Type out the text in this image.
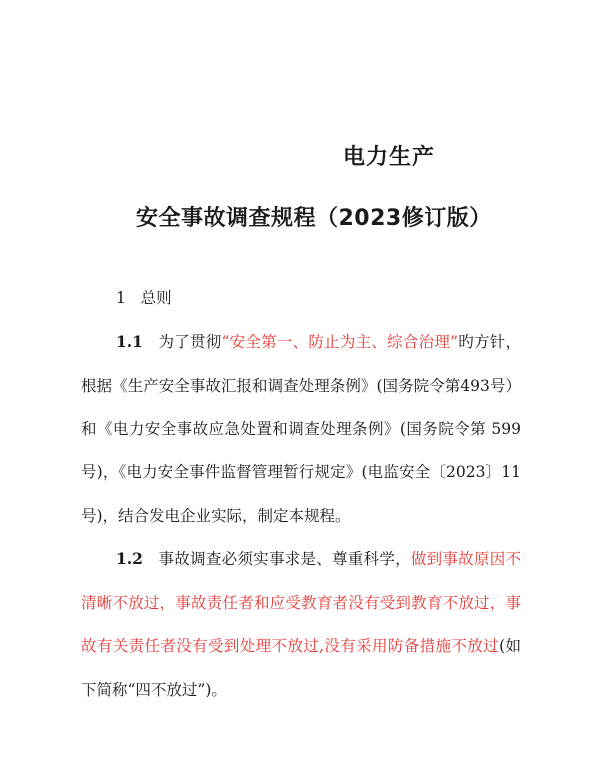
电力生产
安全事故调查规程（2023修订版）
1 总则
1.1 为了贯彻“安全第一、防止为主、综合治理”旳方针，
根据《生产安全事故汇报和调查处理条例》(国务院令第493号）
和《电力安全事故应急处置和调查处理条例》(国务院令第 599
号)，《电力安全事件监督管理暂行规定》(电监安全〔2023〕11
号)，结合发电企业实际，制定本规程。
1.2 事故调查必须实事求是、尊重科学，做到事故原因不
清晰不放过，事故责任者和应受教育者没有受到教育不放过，事
故有关责任者没有受到处理不放过,没有采用防备措施不放过(如
下简称“四不放过”)。
